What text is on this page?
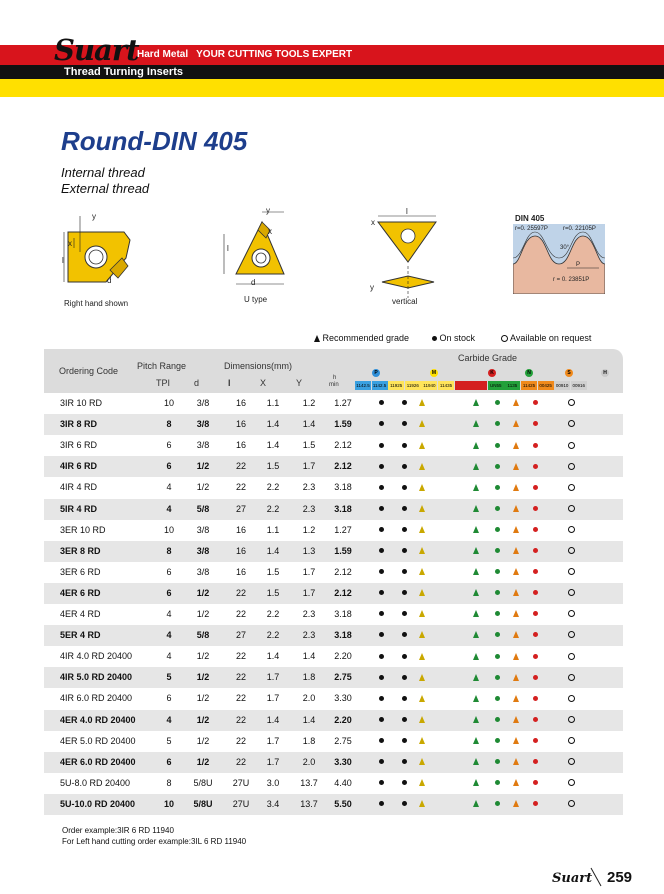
Suart
Hard Metal YOUR CUTTING TOOLS EXPERT
Thread Turning Inserts
Round-DIN 405
Internal thread
External thread
y
x
l
d
Right hand shown
y
x
l
d
U type
l
x
y
vertical
DIN 405
r=0. 25597P	r=0. 22105P
30°
P
r = 0. 23851P
Recommended grade	On stock	Available on request
Ordering Code Pitch Range
TPI	d
Dimensions(mm)
l	X	Y	h
min
Carbide Grade
P	M	K	N	S	H
1142.5 1142.5 11925 11926 11940 11435	UN55	1135	11425 00425 00910 00916
3IR 10 RD	10	3/8	16	1.1	1.2	1.27
3IR 8 RD	8	3/8	16	1.4	1.4	1.59
3IR 6 RD	6	3/8	16	1.4	1.5	2.12
4IR 6 RD	6	1/2	22	1.5	1.7	2.12
4IR 4 RD	4	1/2	22	2.2	2.3	3.18
5IR 4 RD	4	5/8	27	2.2	2.3	3.18
3ER 10 RD	10	3/8	16	1.1	1.2	1.27
3ER 8 RD	8	3/8	16	1.4	1.3	1.59
3ER 6 RD	6	3/8	16	1.5	1.7	2.12
4ER 6 RD	6	1/2	22	1.5	1.7	2.12
4ER 4 RD	4	1/2	22	2.2	2.3	3.18
5ER 4 RD	4	5/8	27	2.2	2.3	3.18
4IR 4.0 RD 20400	4	1/2	22	1.4	1.4	2.20
4IR 5.0 RD 20400	5	1/2	22	1.7	1.8	2.75
4IR 6.0 RD 20400	6	1/2	22	1.7	2.0	3.30
4ER 4.0 RD 20400	4	1/2	22	1.4	1.4	2.20
4ER 5.0 RD 20400	5	1/2	22	1.7	1.8	2.75
4ER 6.0 RD 20400	6	1/2	22	1.7	2.0	3.30
5U-8.0 RD 20400	8	5/8U	27U	3.0	13.7	4.40
5U-10.0 RD 20400	10	5/8U	27U	3.4	13.7	5.50
Order example:3IR 6 RD 11940
For Left hand cutting order example:3IL 6 RD 11940
Suart 259
